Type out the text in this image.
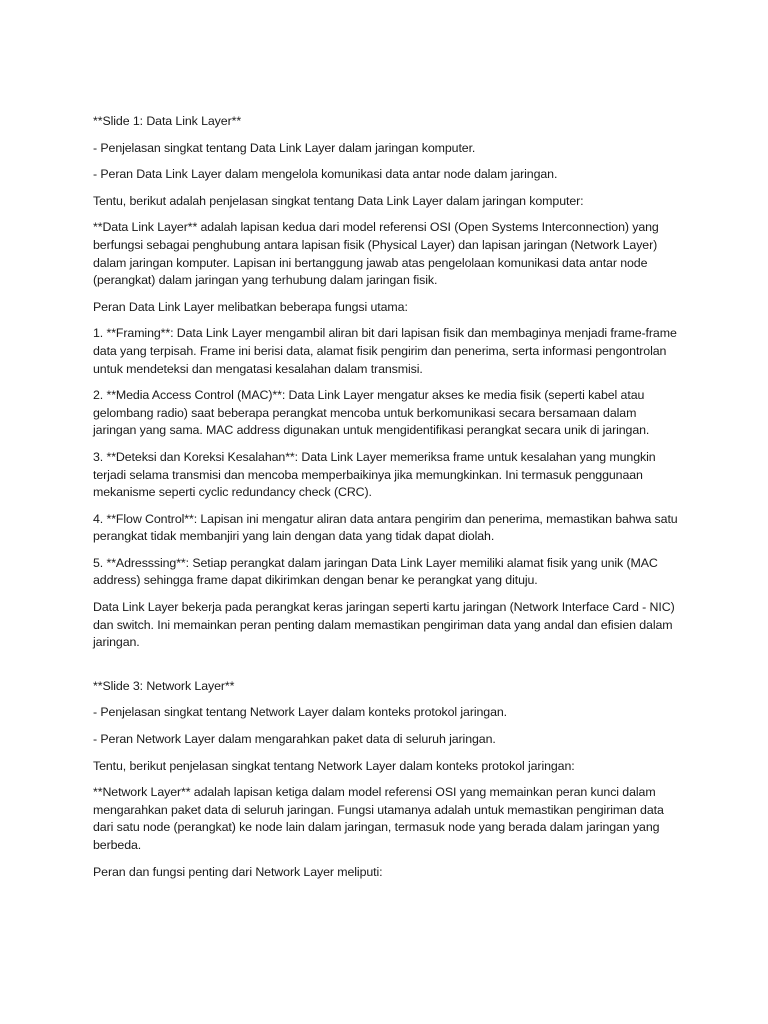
**Slide 1: Data Link Layer**

- Penjelasan singkat tentang Data Link Layer dalam jaringan komputer.

- Peran Data Link Layer dalam mengelola komunikasi data antar node dalam jaringan.

Tentu, berikut adalah penjelasan singkat tentang Data Link Layer dalam jaringan komputer:

**Data Link Layer** adalah lapisan kedua dari model referensi OSI (Open Systems Interconnection) yang berfungsi sebagai penghubung antara lapisan fisik (Physical Layer) dan lapisan jaringan (Network Layer) dalam jaringan komputer. Lapisan ini bertanggung jawab atas pengelolaan komunikasi data antar node (perangkat) dalam jaringan yang terhubung dalam jaringan fisik.

Peran Data Link Layer melibatkan beberapa fungsi utama:

1. **Framing**: Data Link Layer mengambil aliran bit dari lapisan fisik dan membaginya menjadi frame-frame data yang terpisah. Frame ini berisi data, alamat fisik pengirim dan penerima, serta informasi pengontrolan untuk mendeteksi dan mengatasi kesalahan dalam transmisi.

2. **Media Access Control (MAC)**: Data Link Layer mengatur akses ke media fisik (seperti kabel atau gelombang radio) saat beberapa perangkat mencoba untuk berkomunikasi secara bersamaan dalam jaringan yang sama. MAC address digunakan untuk mengidentifikasi perangkat secara unik di jaringan.

3. **Deteksi dan Koreksi Kesalahan**: Data Link Layer memeriksa frame untuk kesalahan yang mungkin terjadi selama transmisi dan mencoba memperbaikinya jika memungkinkan. Ini termasuk penggunaan mekanisme seperti cyclic redundancy check (CRC).

4. **Flow Control**: Lapisan ini mengatur aliran data antara pengirim dan penerima, memastikan bahwa satu perangkat tidak membanjiri yang lain dengan data yang tidak dapat diolah.

5. **Adresssing**: Setiap perangkat dalam jaringan Data Link Layer memiliki alamat fisik yang unik (MAC address) sehingga frame dapat dikirimkan dengan benar ke perangkat yang dituju.

Data Link Layer bekerja pada perangkat keras jaringan seperti kartu jaringan (Network Interface Card - NIC) dan switch. Ini memainkan peran penting dalam memastikan pengiriman data yang andal dan efisien dalam jaringan.

**Slide 3: Network Layer**

- Penjelasan singkat tentang Network Layer dalam konteks protokol jaringan.

- Peran Network Layer dalam mengarahkan paket data di seluruh jaringan.

Tentu, berikut penjelasan singkat tentang Network Layer dalam konteks protokol jaringan:

**Network Layer** adalah lapisan ketiga dalam model referensi OSI yang memainkan peran kunci dalam mengarahkan paket data di seluruh jaringan. Fungsi utamanya adalah untuk memastikan pengiriman data dari satu node (perangkat) ke node lain dalam jaringan, termasuk node yang berada dalam jaringan yang berbeda.

Peran dan fungsi penting dari Network Layer meliputi:
